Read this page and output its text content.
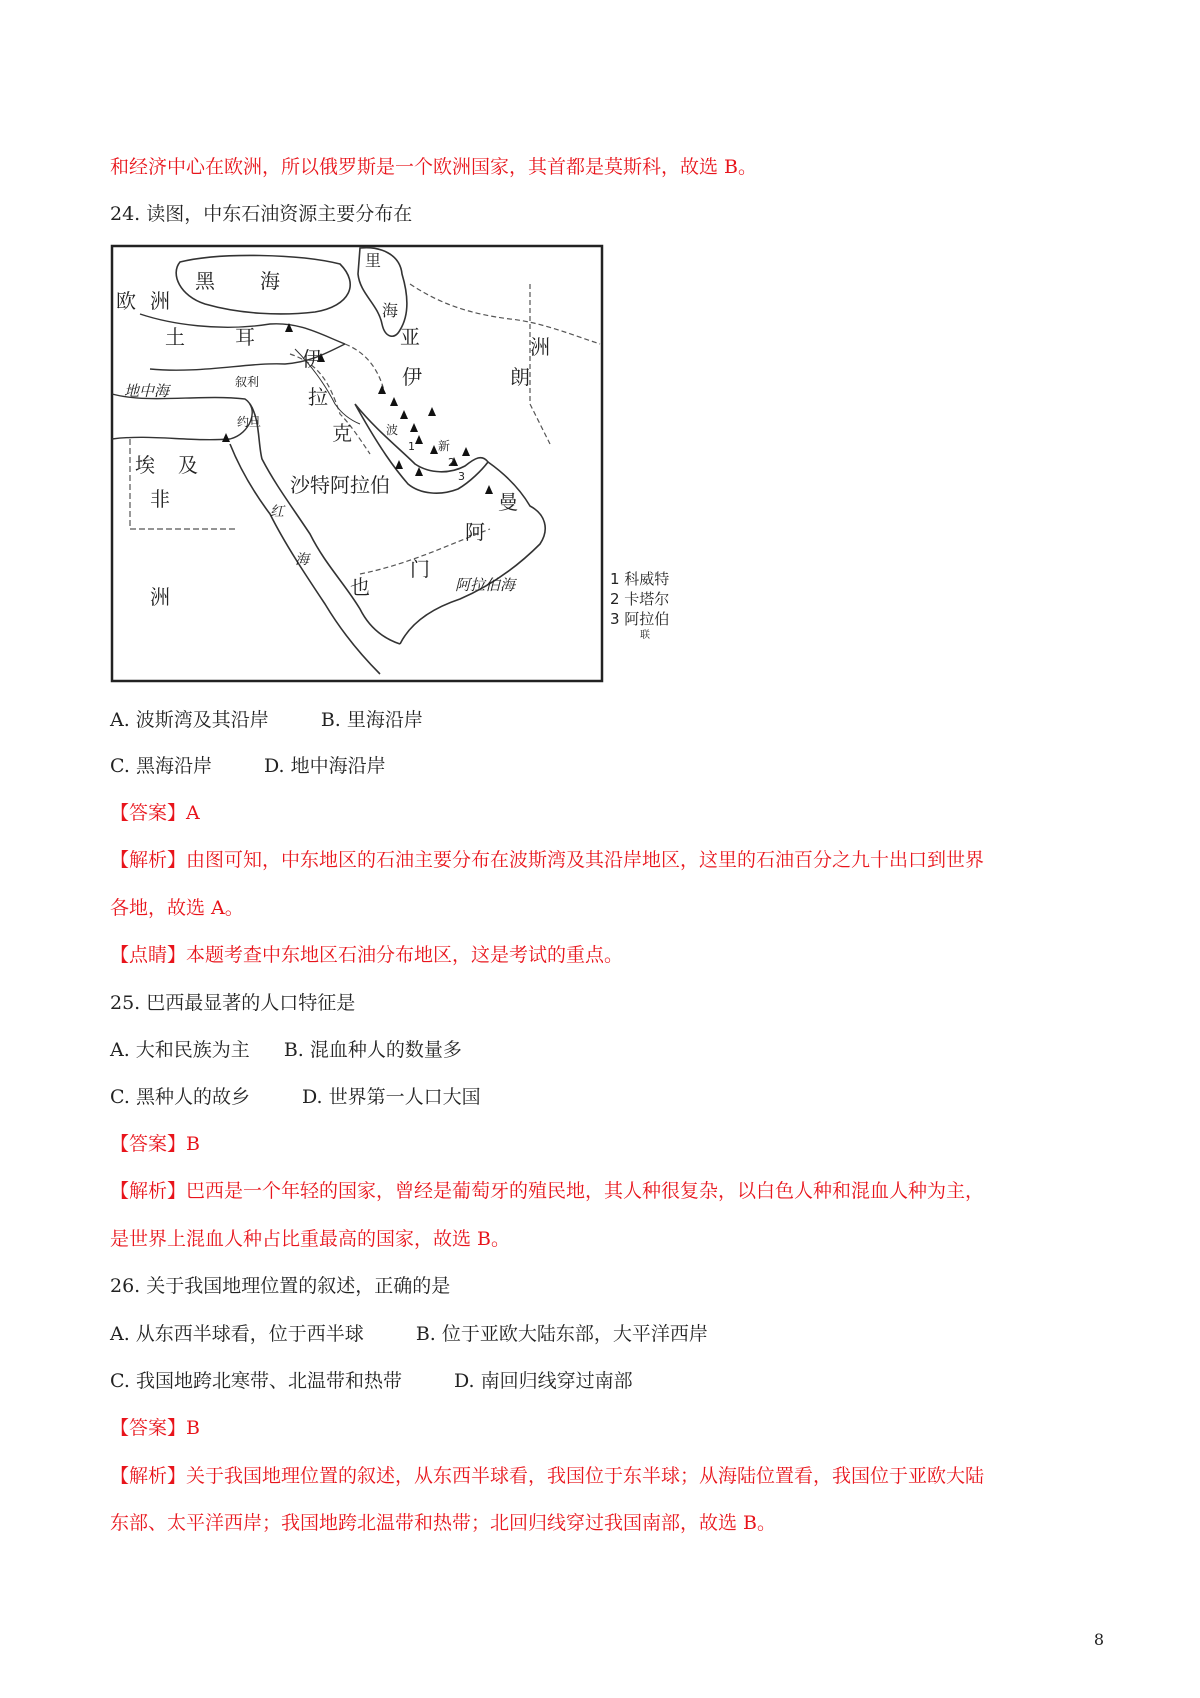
和经济中心在欧洲，所以俄罗斯是一个欧洲国家，其首都是莫斯科，故选 B。
24. 读图，中东石油资源主要分布在
黑 海
里
海
欧 洲
土	耳
地中海	叙利
约旦
伊
拉
克
伊	朗
亚	洲
埃 及
非
洲
沙特阿拉伯
红
海
也
门
曼
阿
阿拉伯海
波
新
1
2
3
1 科威特
2 卡塔尔
3 阿拉伯
联
A. 波斯湾及其沿岸	B. 里海沿岸
C. 黑海沿岸	D. 地中海沿岸
【答案】A
【解析】由图可知，中东地区的石油主要分布在波斯湾及其沿岸地区，这里的石油百分之九十出口到世界
各地，故选 A。
【点睛】本题考查中东地区石油分布地区，这是考试的重点。
25. 巴西最显著的人口特征是
A. 大和民族为主 B. 混血种人的数量多
C. 黑种人的故乡	D. 世界第一人口大国
【答案】B
【解析】巴西是一个年轻的国家，曾经是葡萄牙的殖民地，其人种很复杂，以白色人种和混血人种为主，
是世界上混血人种占比重最高的国家，故选 B。
26. 关于我国地理位置的叙述，正确的是
A. 从东西半球看，位于西半球	B. 位于亚欧大陆东部，大平洋西岸
C. 我国地跨北寒带、北温带和热带	D. 南回归线穿过南部
【答案】B
【解析】关于我国地理位置的叙述，从东西半球看，我国位于东半球；从海陆位置看，我国位于亚欧大陆
东部、太平洋西岸；我国地跨北温带和热带；北回归线穿过我国南部，故选 B。
8
